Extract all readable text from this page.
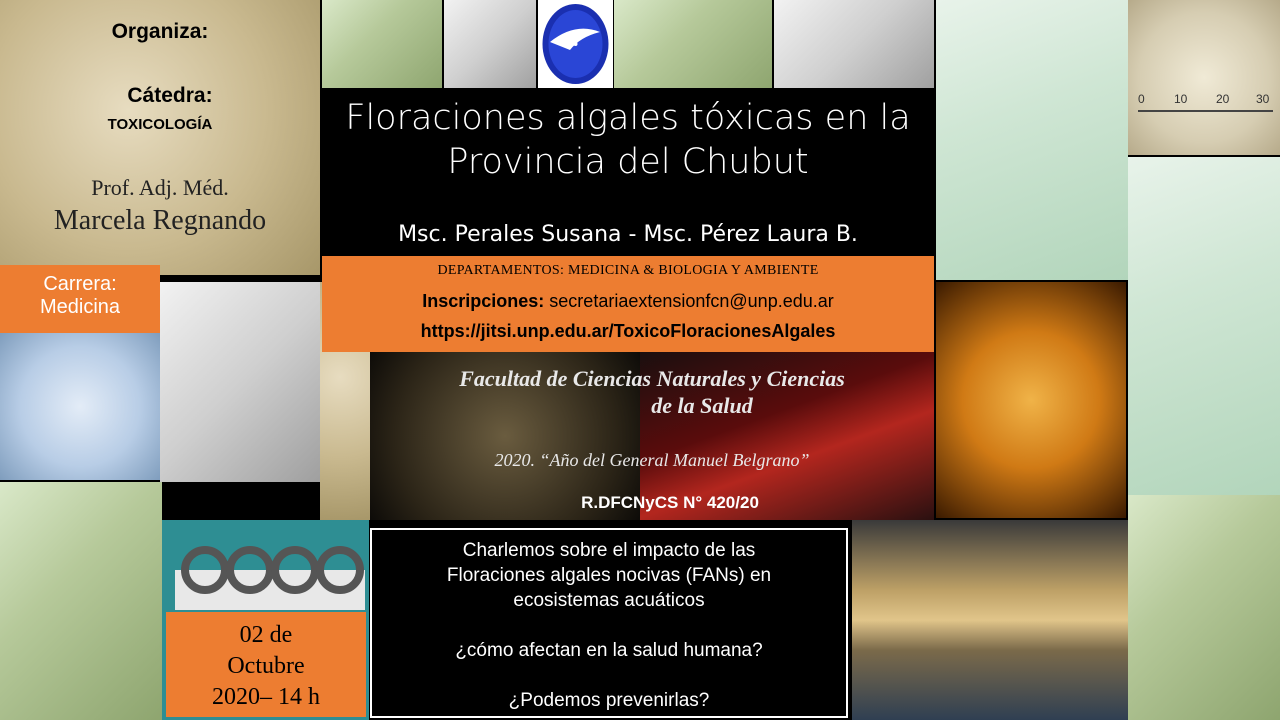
0 10 20 30
Organiza:
Cátedra:
TOXICOLOGÍA
Prof. Adj. Méd.
Marcela Regnando
Carrera:
Medicina
Floraciones algales tóxicas en la
Provincia del Chubut
Msc. Perales Susana - Msc. Pérez Laura B.
DEPARTAMENTOS: MEDICINA & BIOLOGIA Y AMBIENTE
Inscripciones: secretariaextensionfcn@unp.edu.ar
https://jitsi.unp.edu.ar/ToxicoFloracionesAlgales
Facultad de Ciencias Naturales y Ciencias
de la Salud
2020. “Año del General Manuel Belgrano”
R.DFCNyCS N° 420/20
02 de
Octubre
2020– 14 h
Charlemos sobre el impacto de las
Floraciones algales nocivas (FANs) en
ecosistemas acuáticos
¿cómo afectan en la salud humana?
¿Podemos prevenirlas?
